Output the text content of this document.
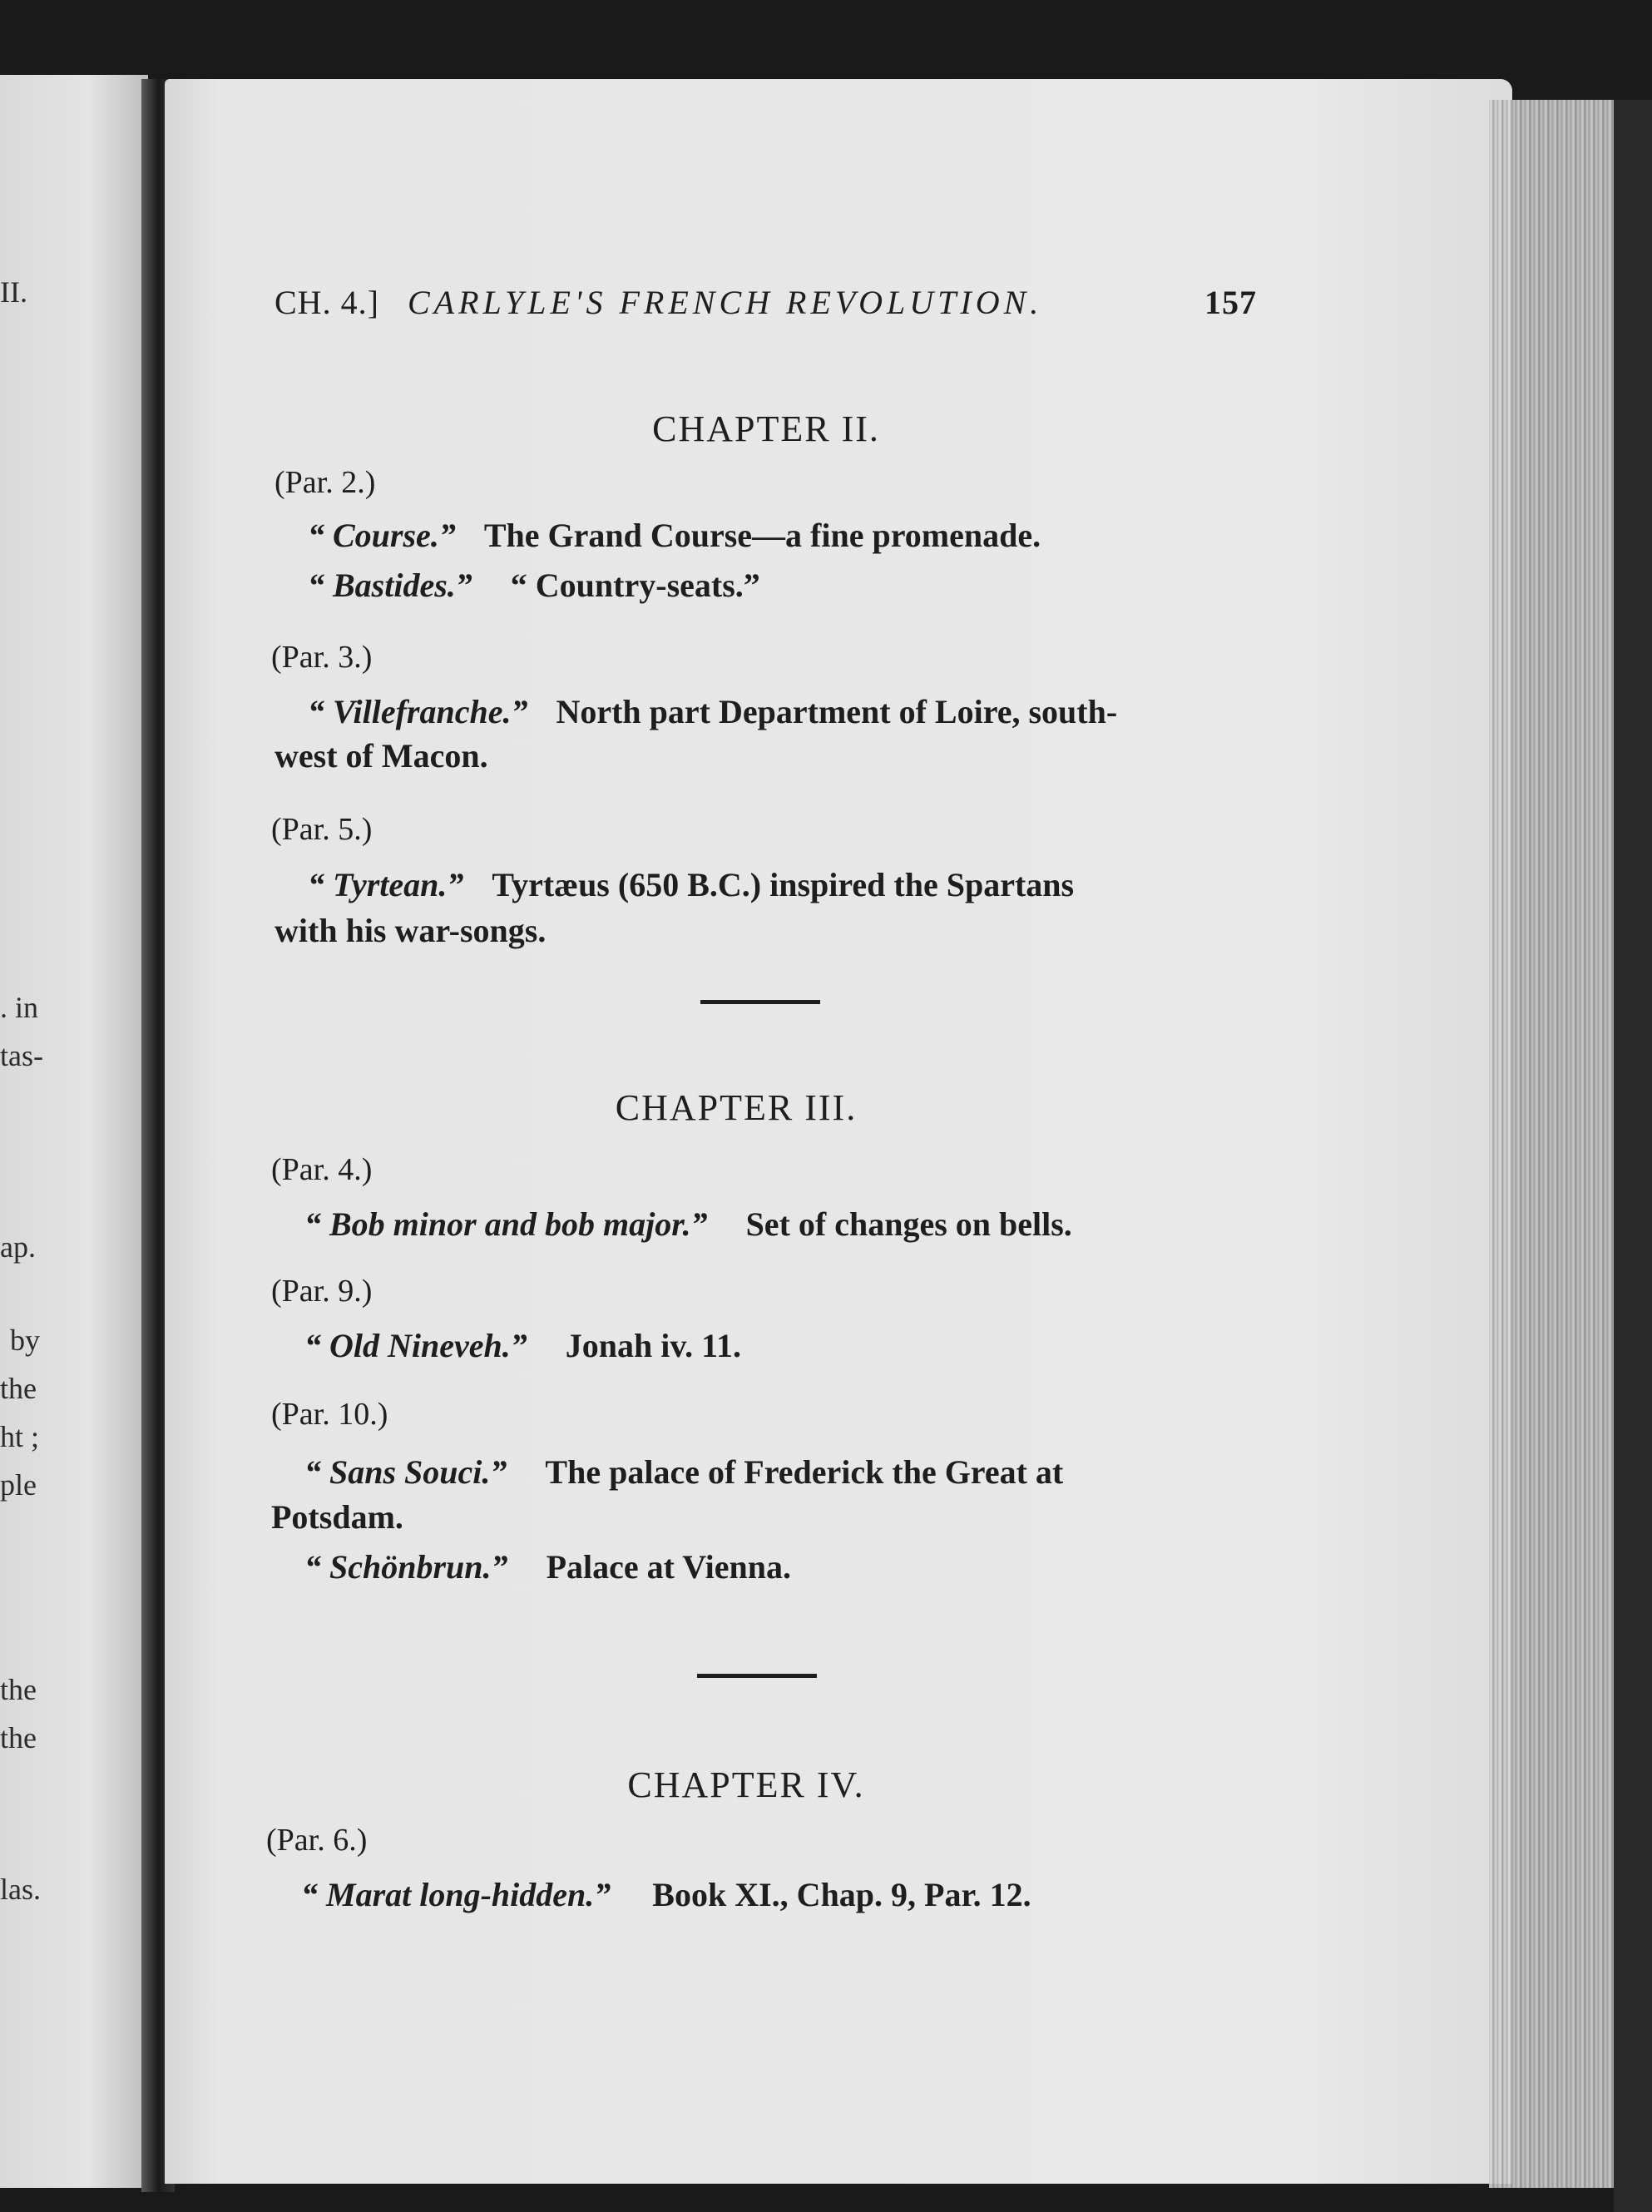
II.
. in
tas-
ap.
by
the
ht ;
ple
the
the
las.
CH. 4.] CARLYLE'S FRENCH REVOLUTION.	157
CHAPTER II.
(Par. 2.)
“ Course.” The Grand Course—a fine promenade.
“ Bastides.” “ Country-seats.”
(Par. 3.)
“ Villefranche.” North part Department of Loire, south-
west of Macon.
(Par. 5.)
“ Tyrtean.” Tyrtæus (650 B.C.) inspired the Spartans
with his war-songs.
CHAPTER III.
(Par. 4.)
“ Bob minor and bob major.” Set of changes on bells.
(Par. 9.)
“ Old Nineveh.” Jonah iv. 11.
(Par. 10.)
“ Sans Souci.” The palace of Frederick the Great at
Potsdam.
“ Schönbrun.” Palace at Vienna.
CHAPTER IV.
(Par. 6.)
“ Marat long-hidden.” Book XI., Chap. 9, Par. 12.
